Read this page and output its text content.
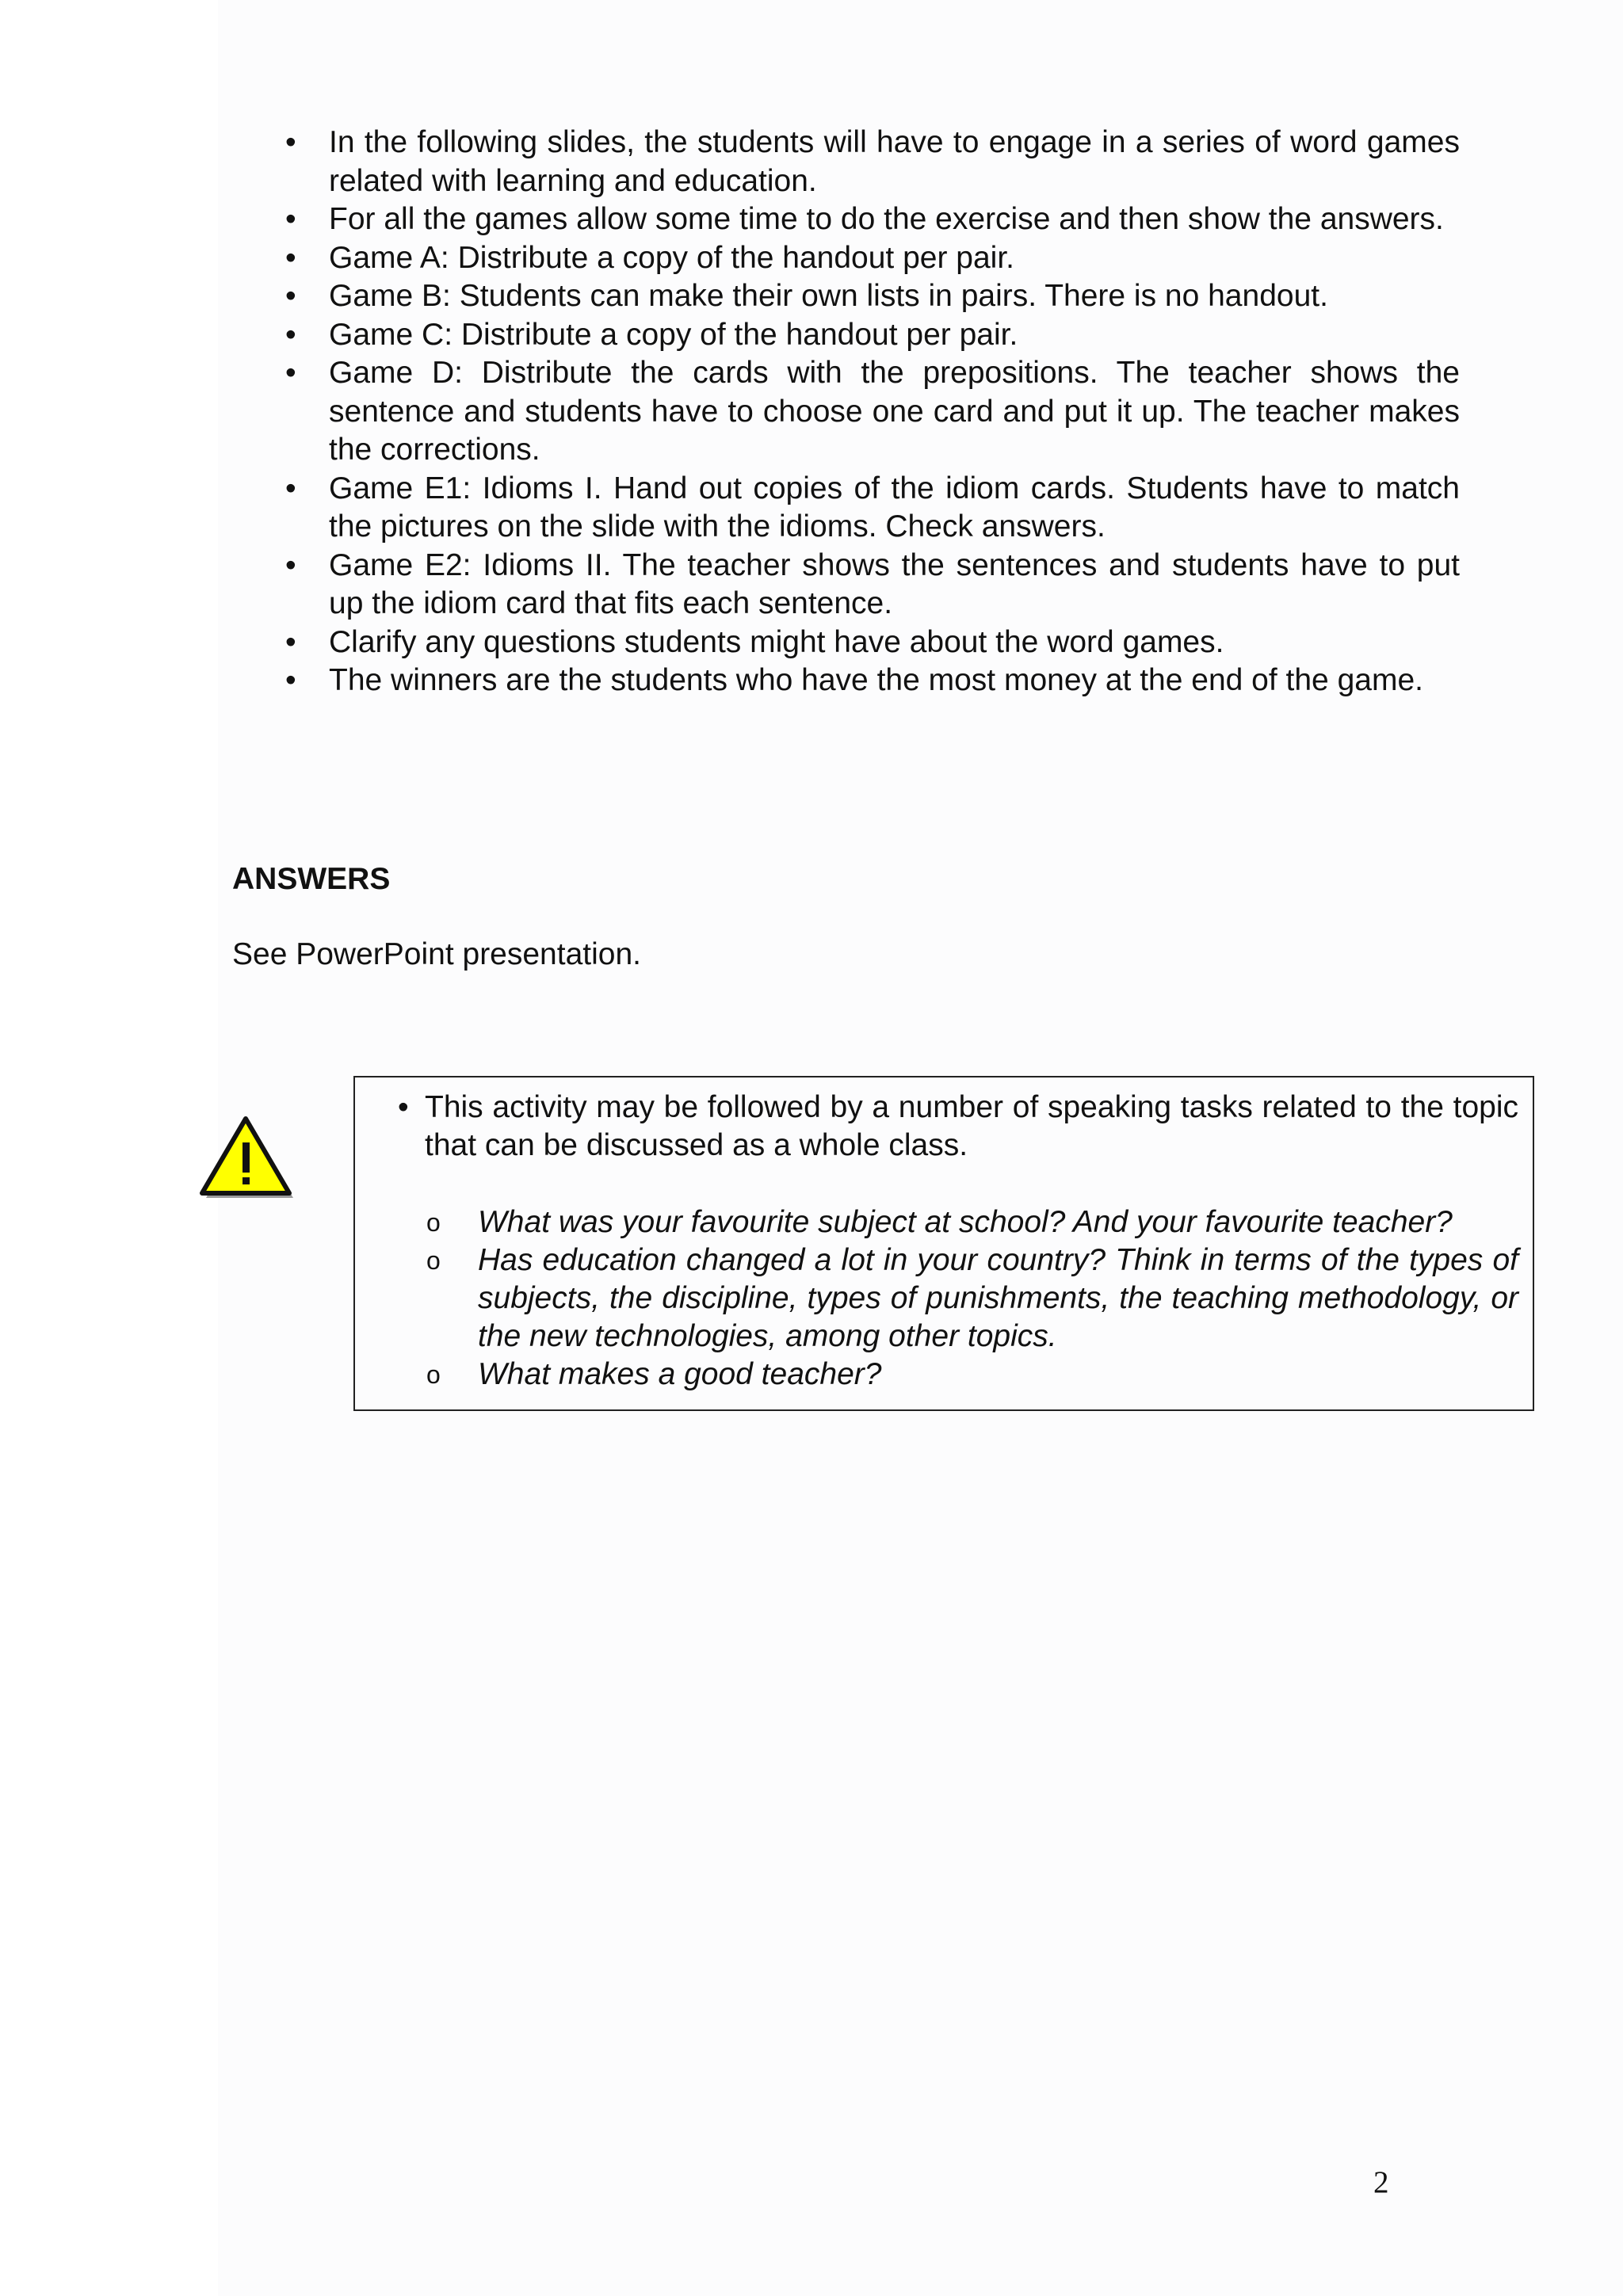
• In the following slides, the students will have to engage in a series of word games related with learning and education.
• For all the games allow some time to do the exercise and then show the answers.
• Game A: Distribute a copy of the handout per pair.
• Game B: Students can make their own lists in pairs. There is no handout.
• Game C: Distribute a copy of the handout per pair.
• Game D: Distribute the cards with the prepositions. The teacher shows the sentence and students have to choose one card and put it up. The teacher makes the corrections.
• Game E1: Idioms I. Hand out copies of the idiom cards. Students have to match the pictures on the slide with the idioms. Check answers.
• Game E2: Idioms II. The teacher shows the sentences and students have to put up the idiom card that fits each sentence.
• Clarify any questions students might have about the word games.
• The winners are the students who have the most money at the end of the game.

ANSWERS

See PowerPoint presentation.

• This activity may be followed by a number of speaking tasks related to the topic that can be discussed as a whole class.

o What was your favourite subject at school? And your favourite teacher?
o Has education changed a lot in your country? Think in terms of the types of subjects, the discipline, types of punishments, the teaching methodology, or the new technologies, among other topics.
o What makes a good teacher?

2
